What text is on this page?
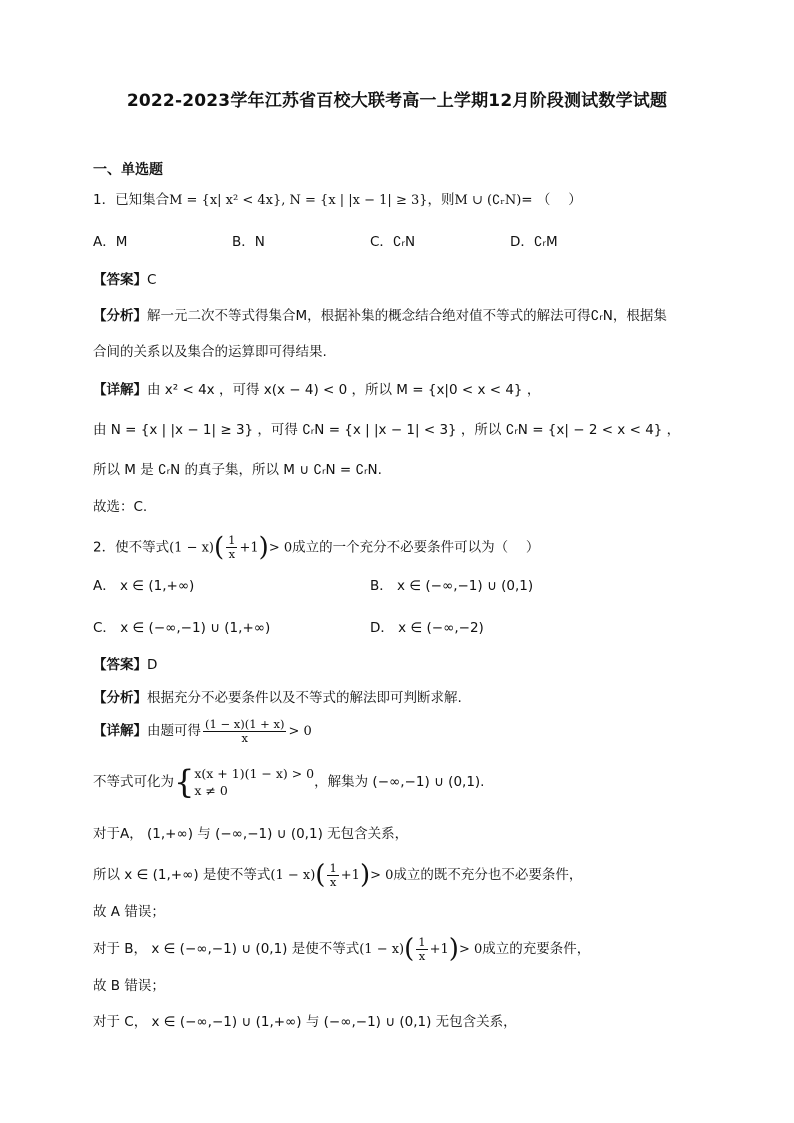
2022-2023学年江苏省百校大联考高一上学期12月阶段测试数学试题
一、单选题
1．已知集合M = {x| x² < 4x}, N = {x | |x − 1| ≥ 3}，则M ∪ (∁ᵣN)= （　 ）
A．M	B．N	C．∁ᵣN	D．∁ᵣM
【答案】C
【分析】解一元二次不等式得集合M，根据补集的概念结合绝对值不等式的解法可得∁ᵣN，根据集
合间的关系以及集合的运算即可得结果.
【详解】由 x² < 4x ，可得 x(x − 4) < 0 ，所以 M = {x|0 < x < 4} ，
由 N = {x | |x − 1| ≥ 3} ，可得 ∁ᵣN = {x | |x − 1| < 3} ，所以 ∁ᵣN = {x| − 2 < x < 4} ，
所以 M 是 ∁ᵣN 的真子集，所以 M ∪ ∁ᵣN = ∁ᵣN.
故选：C.
2．使不等式$(1 - x)( \frac{1}{x} +1)> 0$成立的一个充分不必要条件可以为（　 ）
A． x ∈ (1,+∞)	B． x ∈ (−∞,−1) ∪ (0,1)
C． x ∈ (−∞,−1) ∪ (1,+∞)	D． x ∈ (−∞,−2)
【答案】D
【分析】根据充分不必要条件以及不等式的解法即可判断求解.
【详解】由题可得 $\frac{(1 - x)(1 + x)}{x} > 0$
不等式可化为{ x(x + 1)(1 − x) > 0
x ≠ 0
，解集为 (−∞,−1) ∪ (0,1).
对于A， (1,+∞) 与 (−∞,−1) ∪ (0,1) 无包含关系，
所以 x ∈ (1,+∞) 是使不等式$(1 - x)( \frac{1}{x} +1)> 0$成立的既不充分也不必要条件，
故 A 错误；
对于 B， x ∈ (−∞,−1) ∪ (0,1) 是使不等式$(1 - x)( \frac{1}{x} +1)> 0$成立的充要条件，
故 B 错误；
对于 C， x ∈ (−∞,−1) ∪ (1,+∞) 与 (−∞,−1) ∪ (0,1) 无包含关系，
